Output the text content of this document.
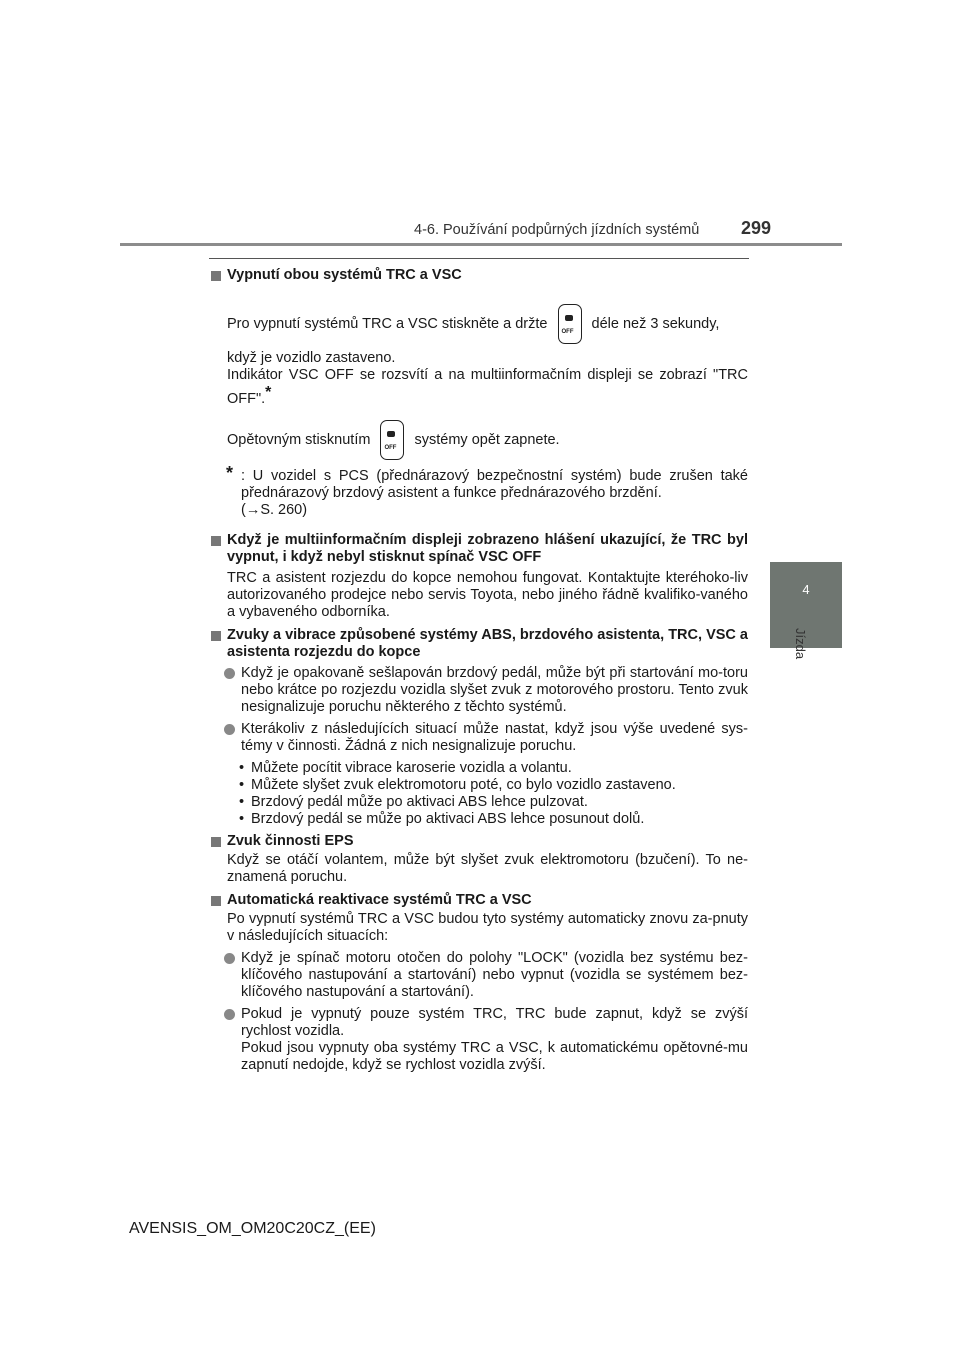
4-6. Používání podpůrných jízdních systémů 299
4
Jízda
Vypnutí obou systémů TRC a VSC
Pro vypnutí systémů TRC a VSC stiskněte a držte
OFF
déle než 3 sekundy,
když je vozidlo zastaveno.
Indikátor VSC OFF se rozsvítí a na multiinformačním displeji se zobrazí "TRC OFF".*
Opětovným stisknutím
OFF
systémy opět zapnete.
* : U vozidel s PCS (přednárazový bezpečnostní systém) bude zrušen také přednárazový brzdový asistent a funkce přednárazového brzdění.
(→S. 260)
Když je multiinformačním displeji zobrazeno hlášení ukazující, že TRC byl vypnut, i když nebyl stisknut spínač VSC OFF
TRC a asistent rozjezdu do kopce nemohou fungovat. Kontaktujte kteréhoko-liv autorizovaného prodejce nebo servis Toyota, nebo jiného řádně kvalifiko-vaného a vybaveného odborníka.
Zvuky a vibrace způsobené systémy ABS, brzdového asistenta, TRC, VSC a asistenta rozjezdu do kopce
Když je opakovaně sešlapován brzdový pedál, může být při startování mo-toru nebo krátce po rozjezdu vozidla slyšet zvuk z motorového prostoru. Tento zvuk nesignalizuje poruchu některého z těchto systémů.
Kterákoliv z následujících situací může nastat, když jsou výše uvedené sys-témy v činnosti. Žádná z nich nesignalizuje poruchu.
• Můžete pocítit vibrace karoserie vozidla a volantu.
• Můžete slyšet zvuk elektromotoru poté, co bylo vozidlo zastaveno.
• Brzdový pedál může po aktivaci ABS lehce pulzovat.
• Brzdový pedál se může po aktivaci ABS lehce posunout dolů.
Zvuk činnosti EPS
Když se otáčí volantem, může být slyšet zvuk elektromotoru (bzučení). To ne-znamená poruchu.
Automatická reaktivace systémů TRC a VSC
Po vypnutí systémů TRC a VSC budou tyto systémy automaticky znovu za-pnuty v následujících situacích:
Když je spínač motoru otočen do polohy "LOCK" (vozidla bez systému bez-klíčového nastupování a startování) nebo vypnut (vozidla se systémem bez-klíčového nastupování a startování).
Pokud je vypnutý pouze systém TRC, TRC bude zapnut, když se zvýší rychlost vozidla.
Pokud jsou vypnuty oba systémy TRC a VSC, k automatickému opětovné-mu zapnutí nedojde, když se rychlost vozidla zvýší.
AVENSIS_OM_OM20C20CZ_(EE)
